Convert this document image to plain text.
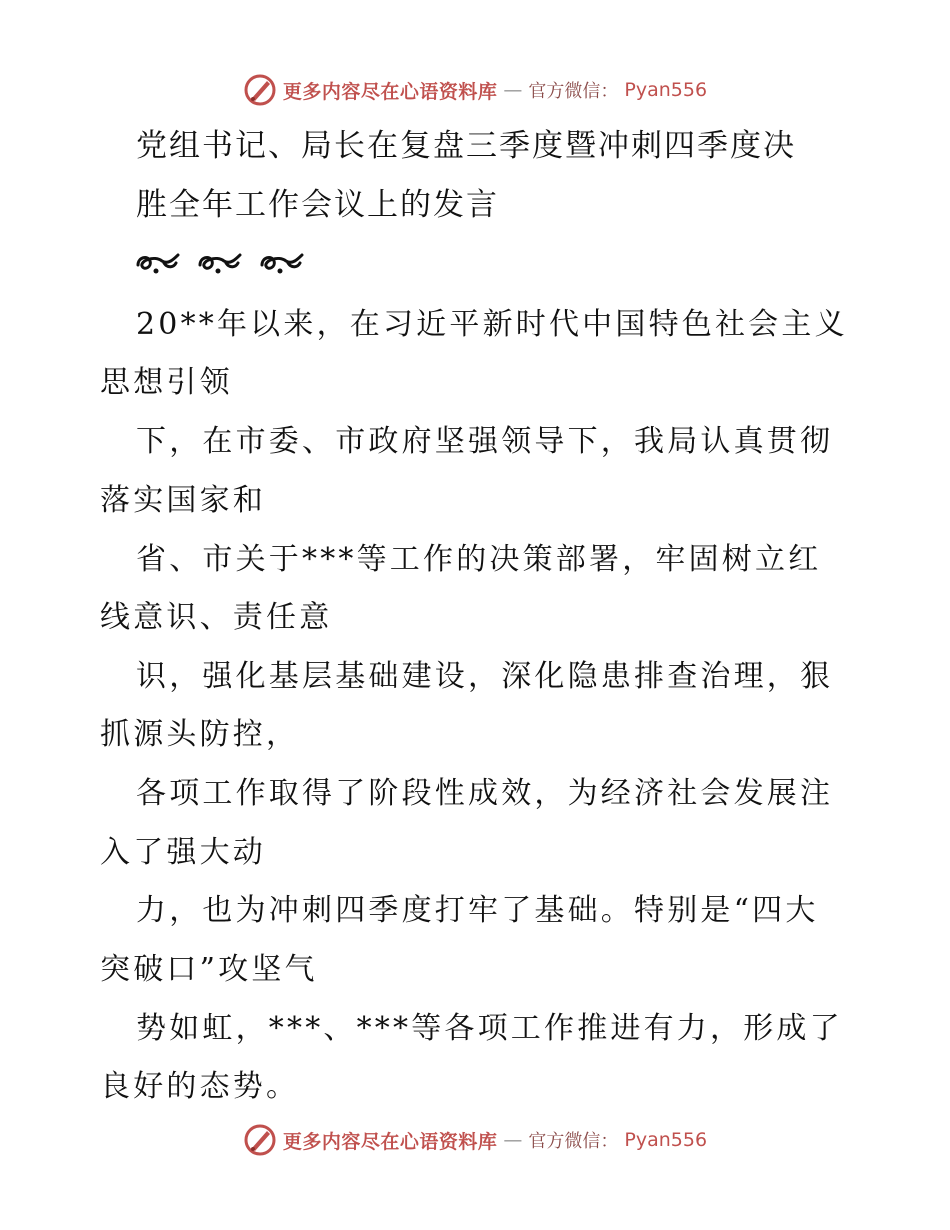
更多内容尽在心语资料库 — 官方微信： Pyan556
党组书记、局长在复盘三季度暨冲刺四季度决
胜全年工作会议上的发言
20**年以来，在习近平新时代中国特色社会主义
思想引领
下，在市委、市政府坚强领导下，我局认真贯彻
落实国家和
省、市关于***等工作的决策部署，牢固树立红
线意识、责任意
识，强化基层基础建设，深化隐患排查治理，狠
抓源头防控，
各项工作取得了阶段性成效，为经济社会发展注
入了强大动
力，也为冲刺四季度打牢了基础。特别是“四大
突破口”攻坚气
势如虹，***、***等各项工作推进有力，形成了
良好的态势。
更多内容尽在心语资料库 — 官方微信： Pyan556
